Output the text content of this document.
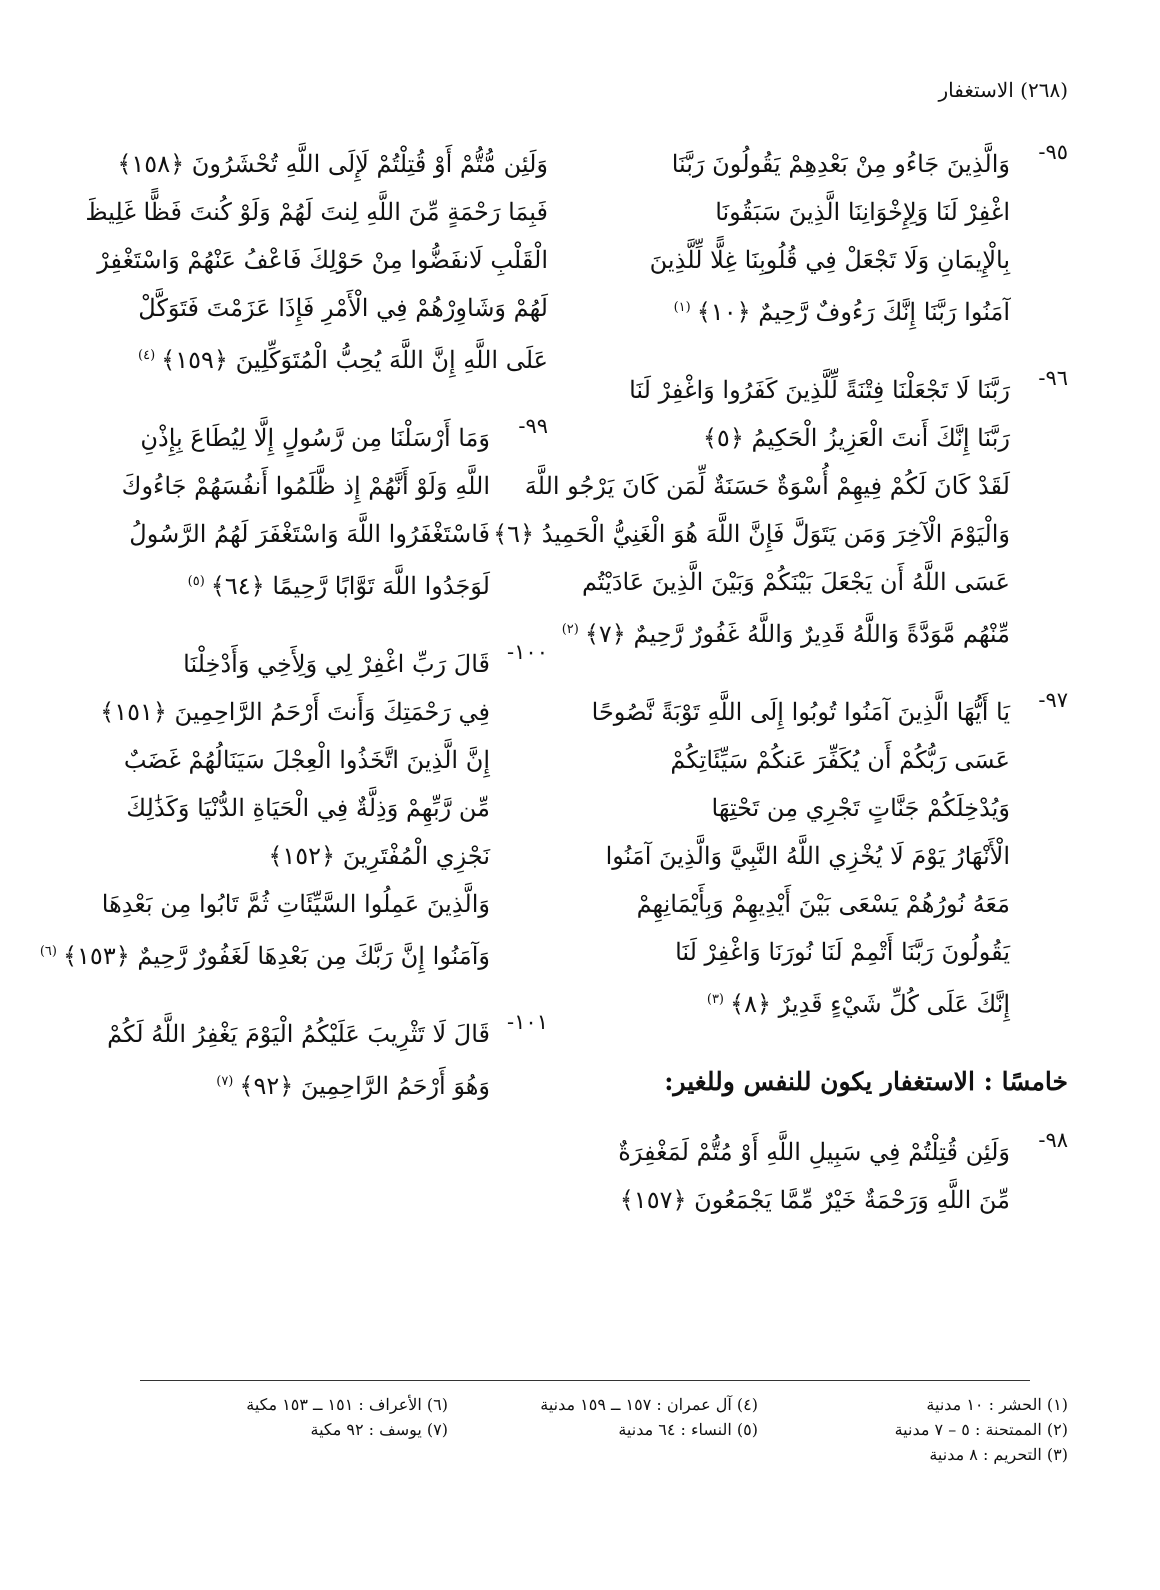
(٢٦٨) الاستغفار
٩٥-
وَالَّذِينَ جَاءُو مِنْ بَعْدِهِمْ يَقُولُونَ رَبَّنَا
اغْفِرْ لَنَا وَلِإِخْوَانِنَا الَّذِينَ سَبَقُونَا
بِالْإِيمَانِ وَلَا تَجْعَلْ فِي قُلُوبِنَا غِلًّا لِّلَّذِينَ
آمَنُوا رَبَّنَا إِنَّكَ رَءُوفٌ رَّحِيمٌ ﴿١٠﴾$^{(١)}$
٩٦-
رَبَّنَا لَا تَجْعَلْنَا فِتْنَةً لِّلَّذِينَ كَفَرُوا وَاغْفِرْ لَنَا
رَبَّنَا إِنَّكَ أَنتَ الْعَزِيزُ الْحَكِيمُ ﴿٥﴾
لَقَدْ كَانَ لَكُمْ فِيهِمْ أُسْوَةٌ حَسَنَةٌ لِّمَن كَانَ يَرْجُو اللَّهَ
وَالْيَوْمَ الْآخِرَ وَمَن يَتَوَلَّ فَإِنَّ اللَّهَ هُوَ الْغَنِيُّ الْحَمِيدُ ﴿٦﴾
عَسَى اللَّهُ أَن يَجْعَلَ بَيْنَكُمْ وَبَيْنَ الَّذِينَ عَادَيْتُم
مِّنْهُم مَّوَدَّةً وَاللَّهُ قَدِيرٌ وَاللَّهُ غَفُورٌ رَّحِيمٌ ﴿٧﴾$^{(٢)}$
٩٧-
يَا أَيُّهَا الَّذِينَ آمَنُوا تُوبُوا إِلَى اللَّهِ تَوْبَةً نَّصُوحًا
عَسَى رَبُّكُمْ أَن يُكَفِّرَ عَنكُمْ سَيِّئَاتِكُمْ
وَيُدْخِلَكُمْ جَنَّاتٍ تَجْرِي مِن تَحْتِهَا
الْأَنْهَارُ يَوْمَ لَا يُخْزِي اللَّهُ النَّبِيَّ وَالَّذِينَ آمَنُوا
مَعَهُ نُورُهُمْ يَسْعَى بَيْنَ أَيْدِيهِمْ وَبِأَيْمَانِهِمْ
يَقُولُونَ رَبَّنَا أَتْمِمْ لَنَا نُورَنَا وَاغْفِرْ لَنَا
إِنَّكَ عَلَى كُلِّ شَيْءٍ قَدِيرٌ ﴿٨﴾$^{(٣)}$
خامسًا : الاستغفار يكون للنفس وللغير:
٩٨-
وَلَئِن قُتِلْتُمْ فِي سَبِيلِ اللَّهِ أَوْ مُتُّمْ لَمَغْفِرَةٌ
مِّنَ اللَّهِ وَرَحْمَةٌ خَيْرٌ مِّمَّا يَجْمَعُونَ ﴿١٥٧﴾
وَلَئِن مُّتُّمْ أَوْ قُتِلْتُمْ لَإِلَى اللَّهِ تُحْشَرُونَ ﴿١٥٨﴾
فَبِمَا رَحْمَةٍ مِّنَ اللَّهِ لِنتَ لَهُمْ وَلَوْ كُنتَ فَظًّا غَلِيظَ
الْقَلْبِ لَانفَضُّوا مِنْ حَوْلِكَ فَاعْفُ عَنْهُمْ وَاسْتَغْفِرْ
لَهُمْ وَشَاوِرْهُمْ فِي الْأَمْرِ فَإِذَا عَزَمْتَ فَتَوَكَّلْ
عَلَى اللَّهِ إِنَّ اللَّهَ يُحِبُّ الْمُتَوَكِّلِينَ ﴿١٥٩﴾$^{(٤)}$
٩٩-
وَمَا أَرْسَلْنَا مِن رَّسُولٍ إِلَّا لِيُطَاعَ بِإِذْنِ
اللَّهِ وَلَوْ أَنَّهُمْ إِذ ظَّلَمُوا أَنفُسَهُمْ جَاءُوكَ
فَاسْتَغْفَرُوا اللَّهَ وَاسْتَغْفَرَ لَهُمُ الرَّسُولُ
لَوَجَدُوا اللَّهَ تَوَّابًا رَّحِيمًا ﴿٦٤﴾$^{(٥)}$
١٠٠-
قَالَ رَبِّ اغْفِرْ لِي وَلِأَخِي وَأَدْخِلْنَا
فِي رَحْمَتِكَ وَأَنتَ أَرْحَمُ الرَّاحِمِينَ ﴿١٥١﴾
إِنَّ الَّذِينَ اتَّخَذُوا الْعِجْلَ سَيَنَالُهُمْ غَضَبٌ
مِّن رَّبِّهِمْ وَذِلَّةٌ فِي الْحَيَاةِ الدُّنْيَا وَكَذَٰلِكَ
نَجْزِي الْمُفْتَرِينَ ﴿١٥٢﴾
وَالَّذِينَ عَمِلُوا السَّيِّئَاتِ ثُمَّ تَابُوا مِن بَعْدِهَا
وَآمَنُوا إِنَّ رَبَّكَ مِن بَعْدِهَا لَغَفُورٌ رَّحِيمٌ ﴿١٥٣﴾$^{(٦)}$
١٠١-
قَالَ لَا تَثْرِيبَ عَلَيْكُمُ الْيَوْمَ يَغْفِرُ اللَّهُ لَكُمْ
وَهُوَ أَرْحَمُ الرَّاحِمِينَ ﴿٩٢﴾$^{(٧)}$
(١) الحشر : ١٠ مدنية
(٢) الممتحنة : ٥ – ٧ مدنية
(٣) التحريم : ٨ مدنية
(٤) آل عمران : ١٥٧ ــ ١٥٩ مدنية
(٥) النساء : ٦٤ مدنية
(٦) الأعراف : ١٥١ ــ ١٥٣ مكية
(٧) يوسف : ٩٢ مكية
